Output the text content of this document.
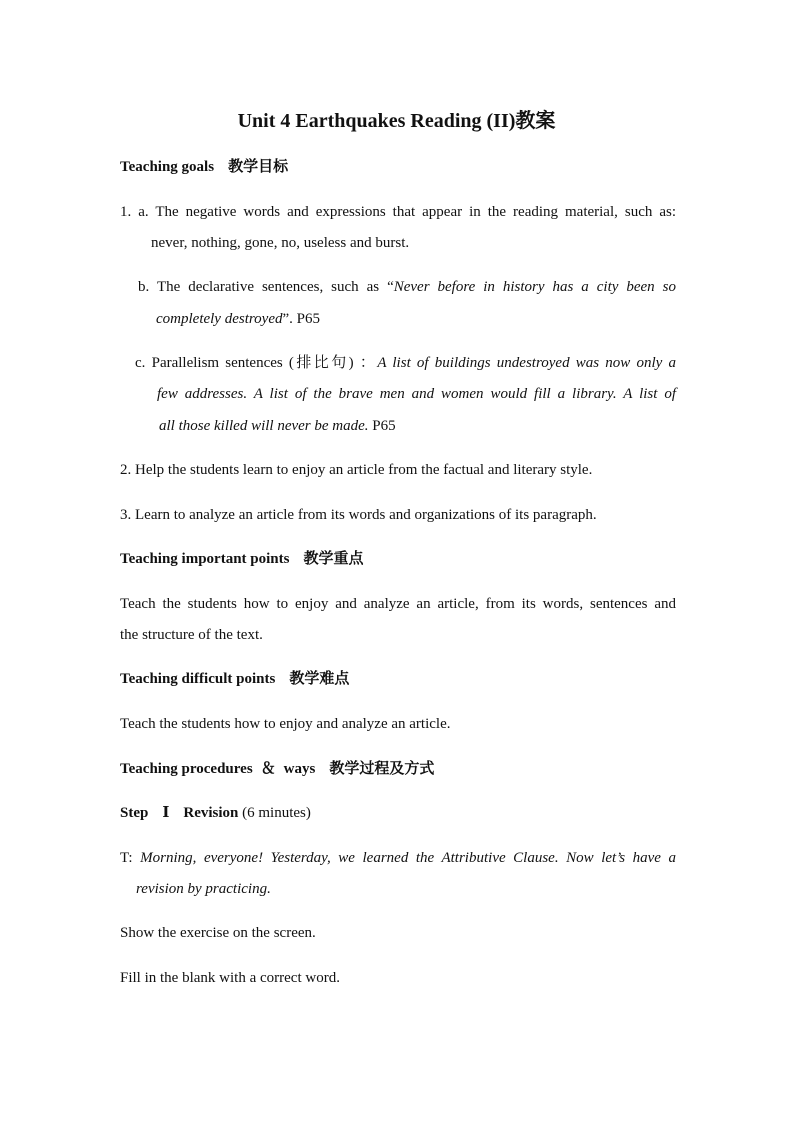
Unit 4 Earthquakes Reading (II)教案
Teaching goals 教学目标
1. a. The negative words and expressions that appear in the reading material, such as:
never, nothing, gone, no, useless and burst.
b. The declarative sentences, such as “Never before in history has a city been so
completely destroyed”. P65
c. Parallelism sentences (排比句) ：A list of buildings undestroyed was now only a
few addresses. A list of the brave men and women would fill a library. A list of
all those killed will never be made. P65
2. Help the students learn to enjoy an article from the factual and literary style.
3. Learn to analyze an article from its words and organizations of its paragraph.
Teaching important points 教学重点
Teach the students how to enjoy and analyze an article, from its words, sentences and
the structure of the text.
Teaching difficult points 教学难点
Teach the students how to enjoy and analyze an article.
Teaching procedures ＆ ways 教学过程及方式
Step Ⅰ Revision (6 minutes)
T: Morning, everyone! Yesterday, we learned the Attributive Clause. Now let’s have a
revision by practicing.
Show the exercise on the screen.
Fill in the blank with a correct word.
